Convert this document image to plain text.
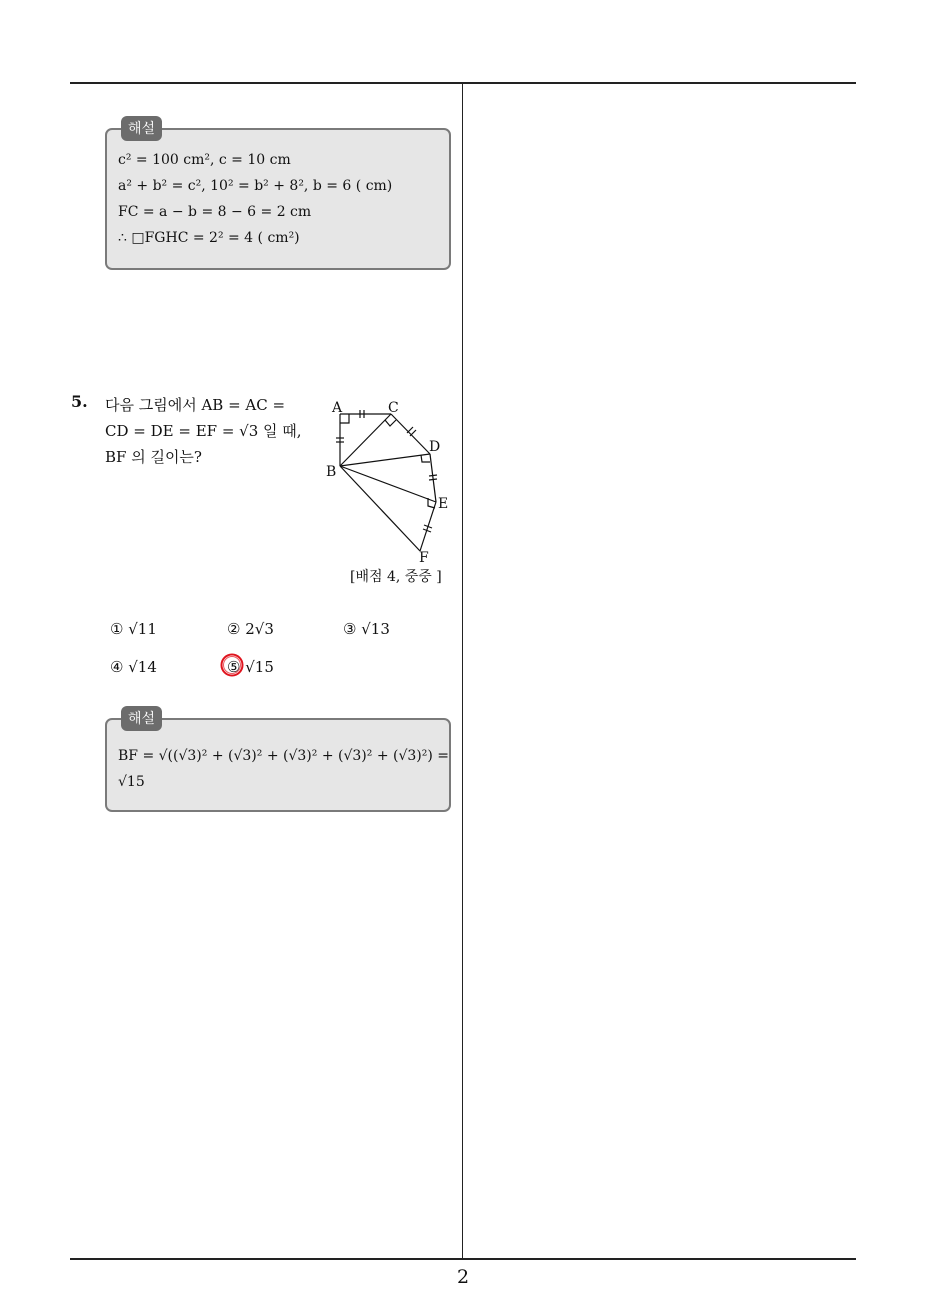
2
해설
c² = 100 cm², c = 10 cm
a² + b² = c², 10² = b² + 8², b = 6 ( cm)
FC = a − b = 8 − 6 = 2 cm
∴ □FGHC = 2² = 4 ( cm²)
5. 다음 그림에서 AB = AC =
CD = DE = EF = √3 일 때,
BF 의 길이는?
A	C
D
B
E
F
[배점 4, 중중 ]
① √11	② 2√3	③ √13
④ √14	⑤ √15
해설
BF = √((√3)² + (√3)² + (√3)² + (√3)² + (√3)²) =
√15
